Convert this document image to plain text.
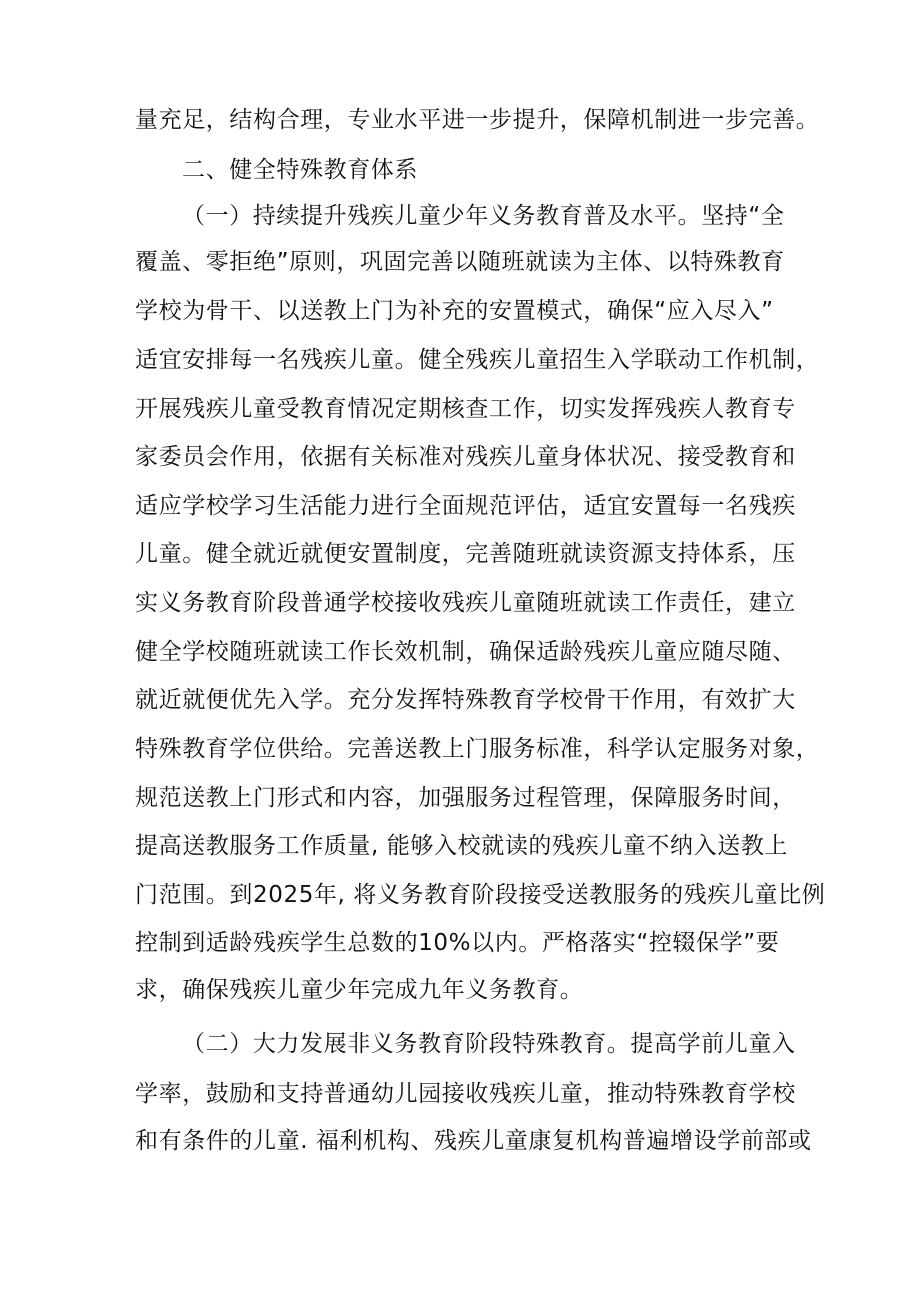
量充足，结构合理，专业水平进一步提升，保障机制进一步完善。
二、健全特殊教育体系
（一）持续提升残疾儿童少年义务教育普及水平。坚持“全
覆盖、零拒绝”原则，巩固完善以随班就读为主体、以特殊教育
学校为骨干、以送教上门为补充的安置模式，确保“应入尽入”
适宜安排每一名残疾儿童。健全残疾儿童招生入学联动工作机制，
开展残疾儿童受教育情况定期核查工作，切实发挥残疾人教育专
家委员会作用，依据有关标准对残疾儿童身体状况、接受教育和
适应学校学习生活能力进行全面规范评估，适宜安置每一名残疾
儿童。健全就近就便安置制度，完善随班就读资源支持体系，压
实义务教育阶段普通学校接收残疾儿童随班就读工作责任，建立
健全学校随班就读工作长效机制，确保适龄残疾儿童应随尽随、
就近就便优先入学。充分发挥特殊教育学校骨干作用，有效扩大
特殊教育学位供给。完善送教上门服务标准，科学认定服务对象，
规范送教上门形式和内容，加强服务过程管理，保障服务时间，
提高送教服务工作质量, 能够入校就读的残疾儿童不纳入送教上
门范围。到2025年, 将义务教育阶段接受送教服务的残疾儿童比例
控制到适龄残疾学生总数的10%以内。严格落实“控辍保学”要
求，确保残疾儿童少年完成九年义务教育。
（二）大力发展非义务教育阶段特殊教育。提高学前儿童入
学率，鼓励和支持普通幼儿园接收残疾儿童，推动特殊教育学校
和有条件的儿童. 福利机构、残疾儿童康复机构普遍增设学前部或
